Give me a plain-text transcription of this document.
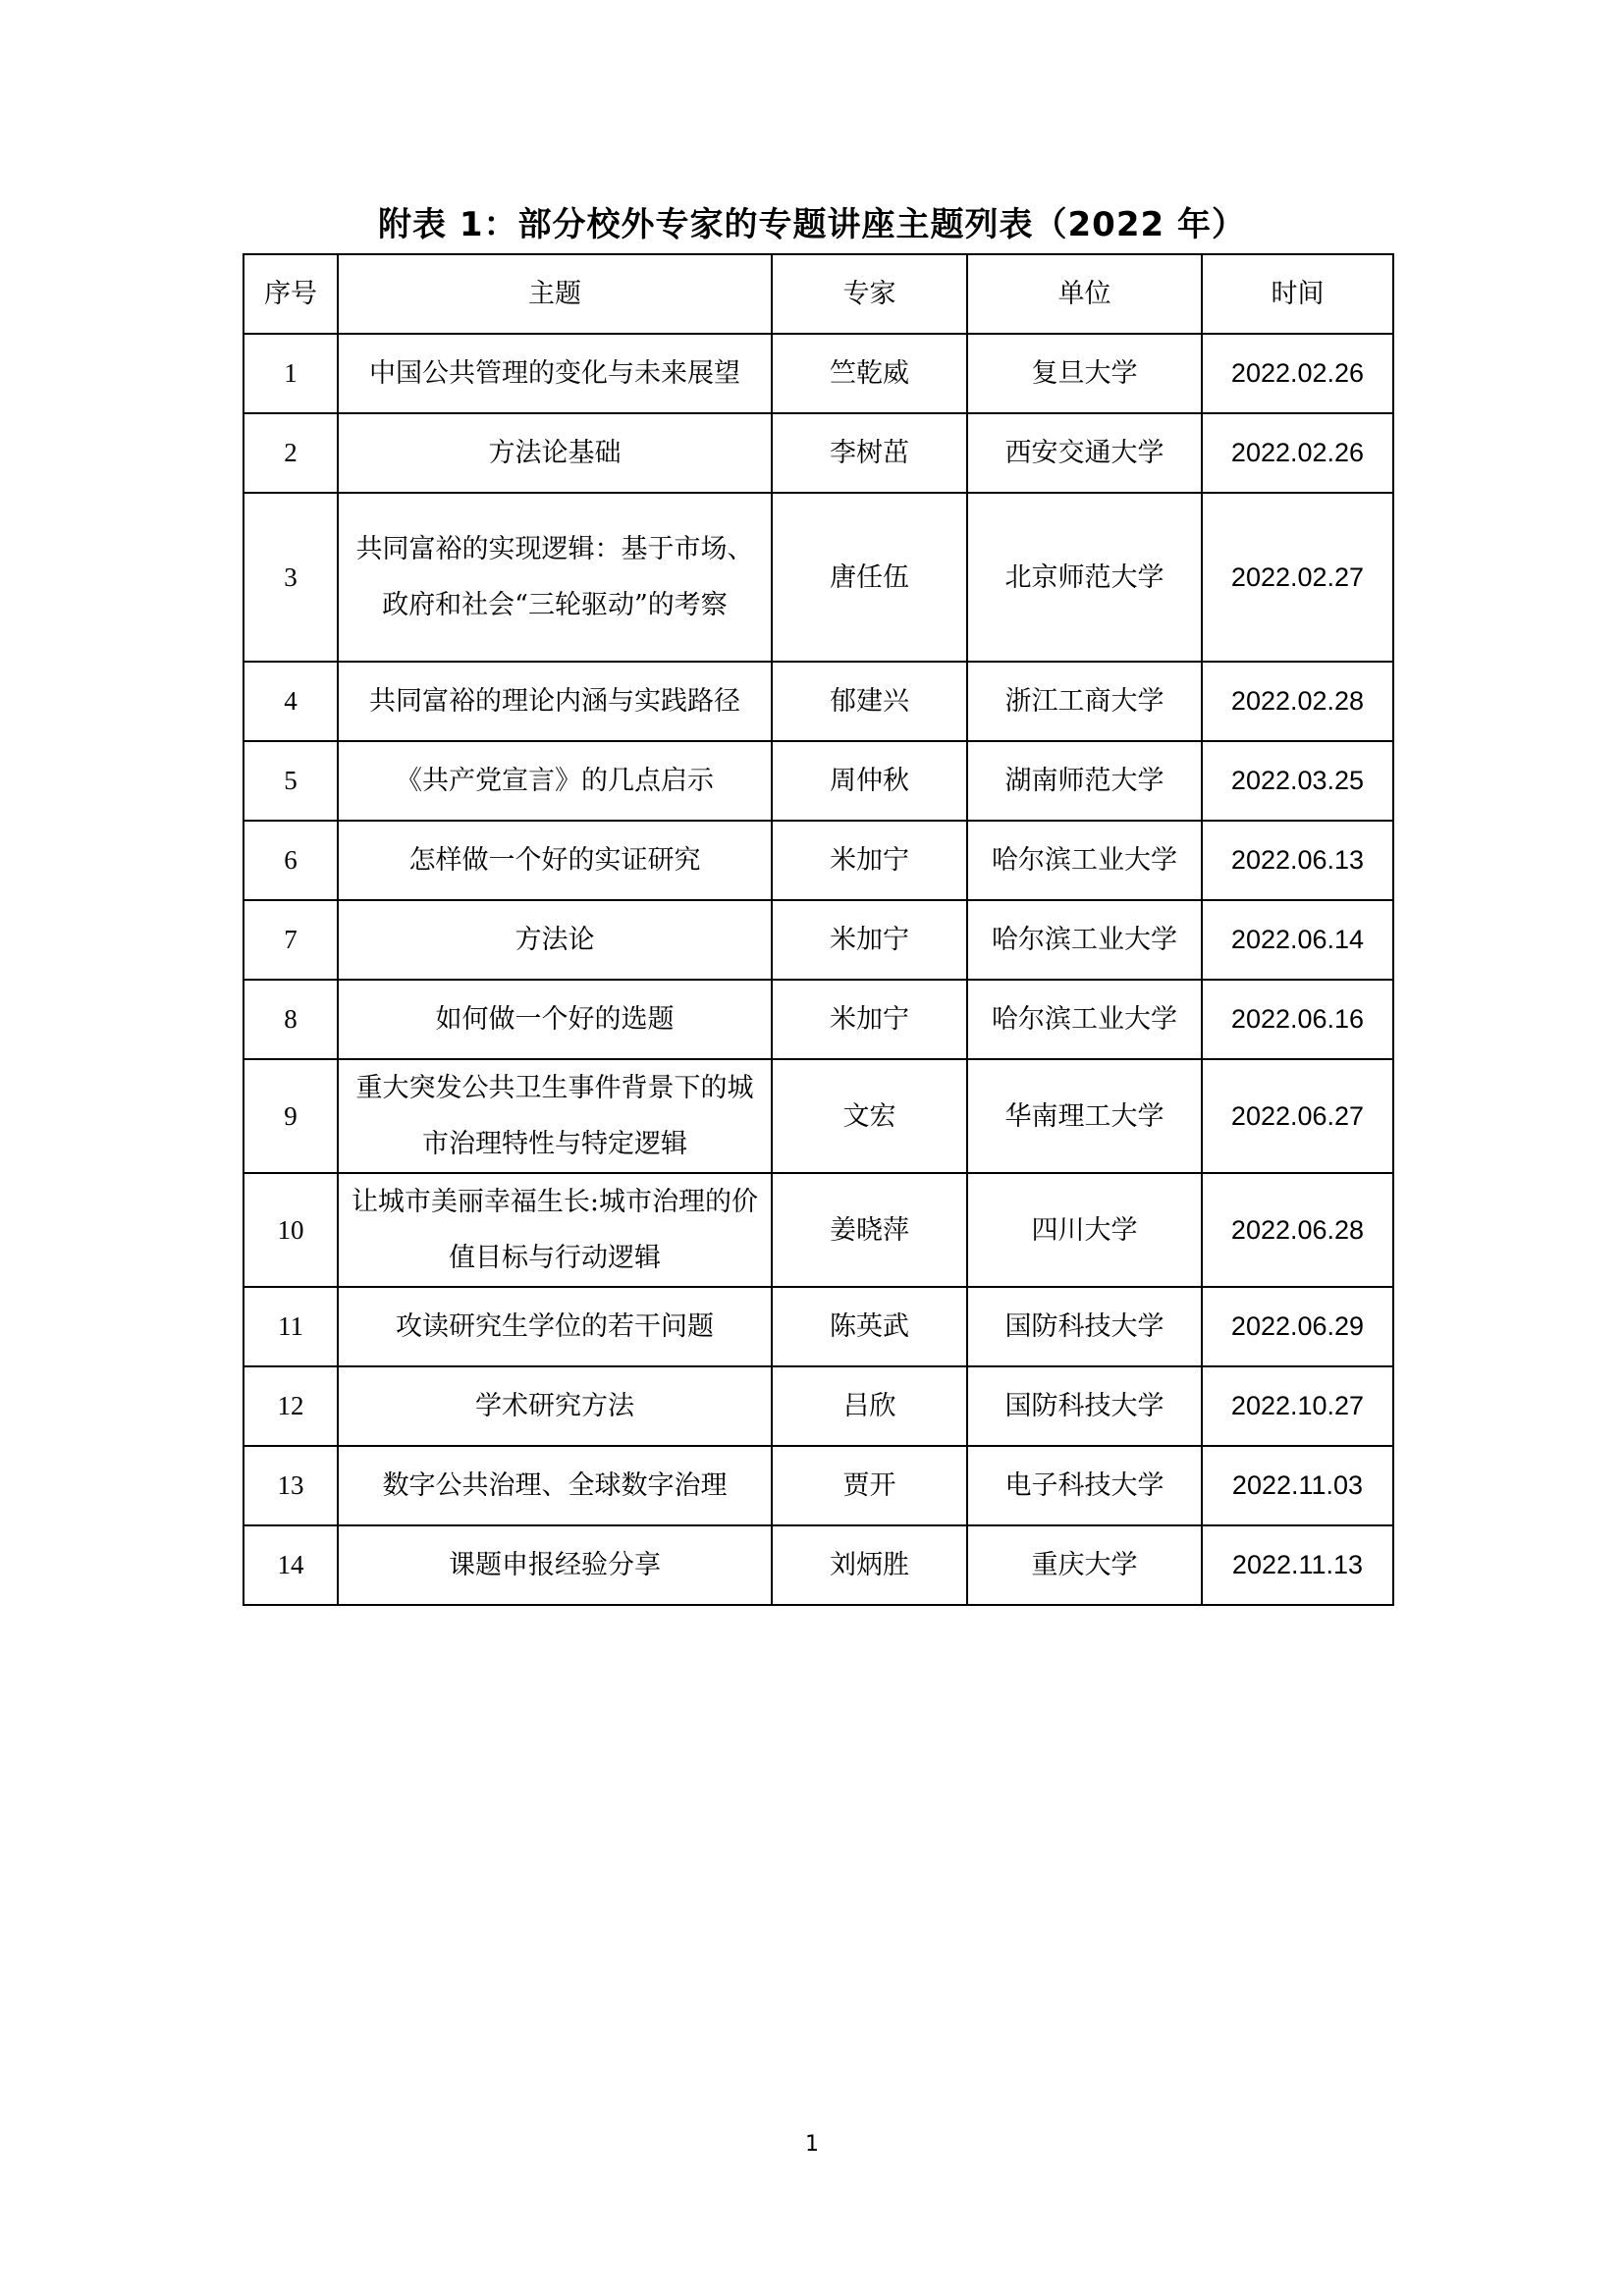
附表 1：部分校外专家的专题讲座主题列表（2022 年）
序号	主题	专家	单位	时间
1	中国公共管理的变化与未来展望	竺乾威	复旦大学	2022.02.26
2	方法论基础	李树茁	西安交通大学	2022.02.26
3	共同富裕的实现逻辑：基于市场、政府和社会“三轮驱动”的考察	唐任伍	北京师范大学	2022.02.27
4	共同富裕的理论内涵与实践路径	郁建兴	浙江工商大学	2022.02.28
5	《共产党宣言》的几点启示	周仲秋	湖南师范大学	2022.03.25
6	怎样做一个好的实证研究	米加宁	哈尔滨工业大学	2022.06.13
7	方法论	米加宁	哈尔滨工业大学	2022.06.14
8	如何做一个好的选题	米加宁	哈尔滨工业大学	2022.06.16
9	重大突发公共卫生事件背景下的城市治理特性与特定逻辑	文宏	华南理工大学	2022.06.27
10	让城市美丽幸福生长:城市治理的价值目标与行动逻辑	姜晓萍	四川大学	2022.06.28
11	攻读研究生学位的若干问题	陈英武	国防科技大学	2022.06.29
12	学术研究方法	吕欣	国防科技大学	2022.10.27
13	数字公共治理、全球数字治理	贾开	电子科技大学	2022.11.03
14	课题申报经验分享	刘炳胜	重庆大学	2022.11.13
1
